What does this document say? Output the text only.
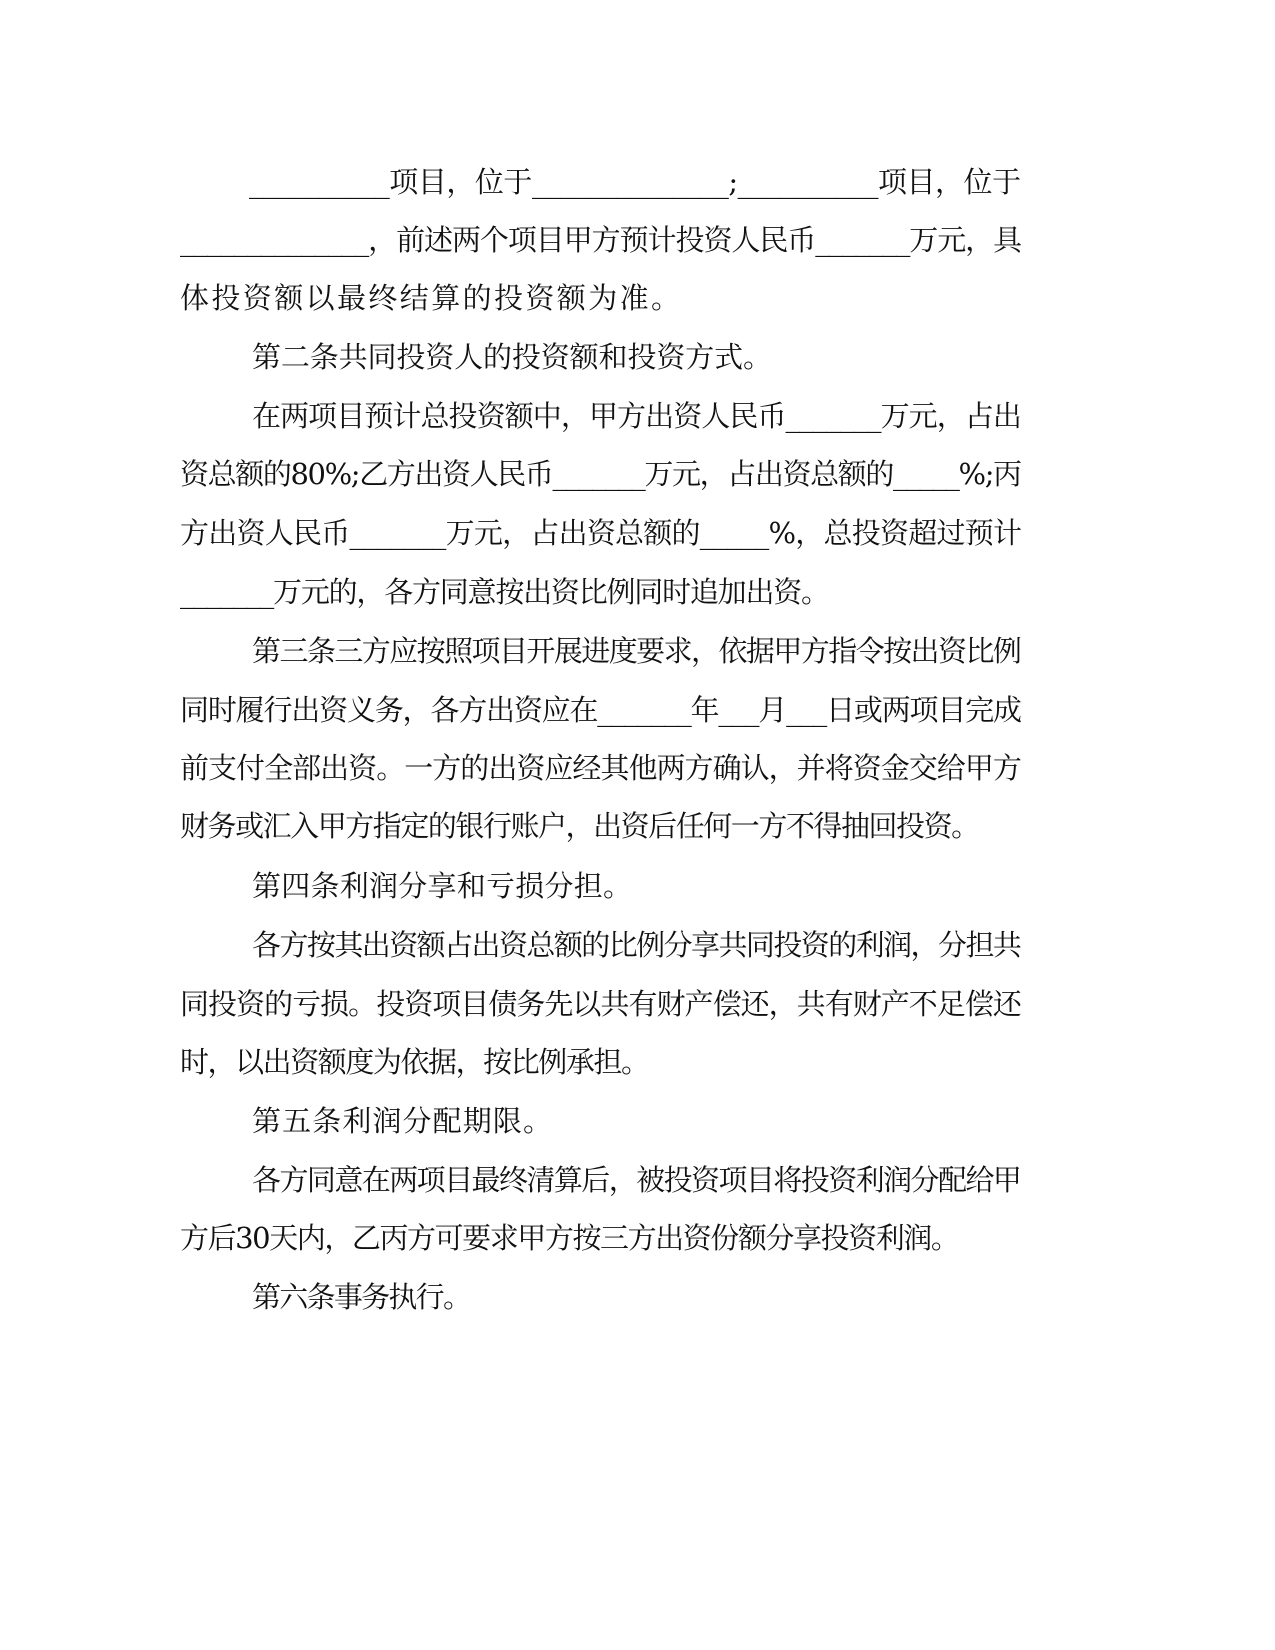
__________项目，位于______________;__________项目，位于

______________，前述两个项目甲方预计投资人民币_______万元，具

体投资额以最终结算的投资额为准。

第二条共同投资人的投资额和投资方式。

在两项目预计总投资额中，甲方出资人民币_______万元，占出

资总额的80%;乙方出资人民币_______万元，占出资总额的_____%;丙

方出资人民币_______万元，占出资总额的_____%，总投资超过预计

_______万元的，各方同意按出资比例同时追加出资。

第三条三方应按照项目开展进度要求，依据甲方指令按出资比例

同时履行出资义务，各方出资应在_______年___月___日或两项目完成

前支付全部出资。一方的出资应经其他两方确认，并将资金交给甲方

财务或汇入甲方指定的银行账户，出资后任何一方不得抽回投资。

第四条利润分享和亏损分担。

各方按其出资额占出资总额的比例分享共同投资的利润，分担共

同投资的亏损。投资项目债务先以共有财产偿还，共有财产不足偿还

时，以出资额度为依据，按比例承担。

第五条利润分配期限。

各方同意在两项目最终清算后，被投资项目将投资利润分配给甲

方后30天内，乙丙方可要求甲方按三方出资份额分享投资利润。

第六条事务执行。
